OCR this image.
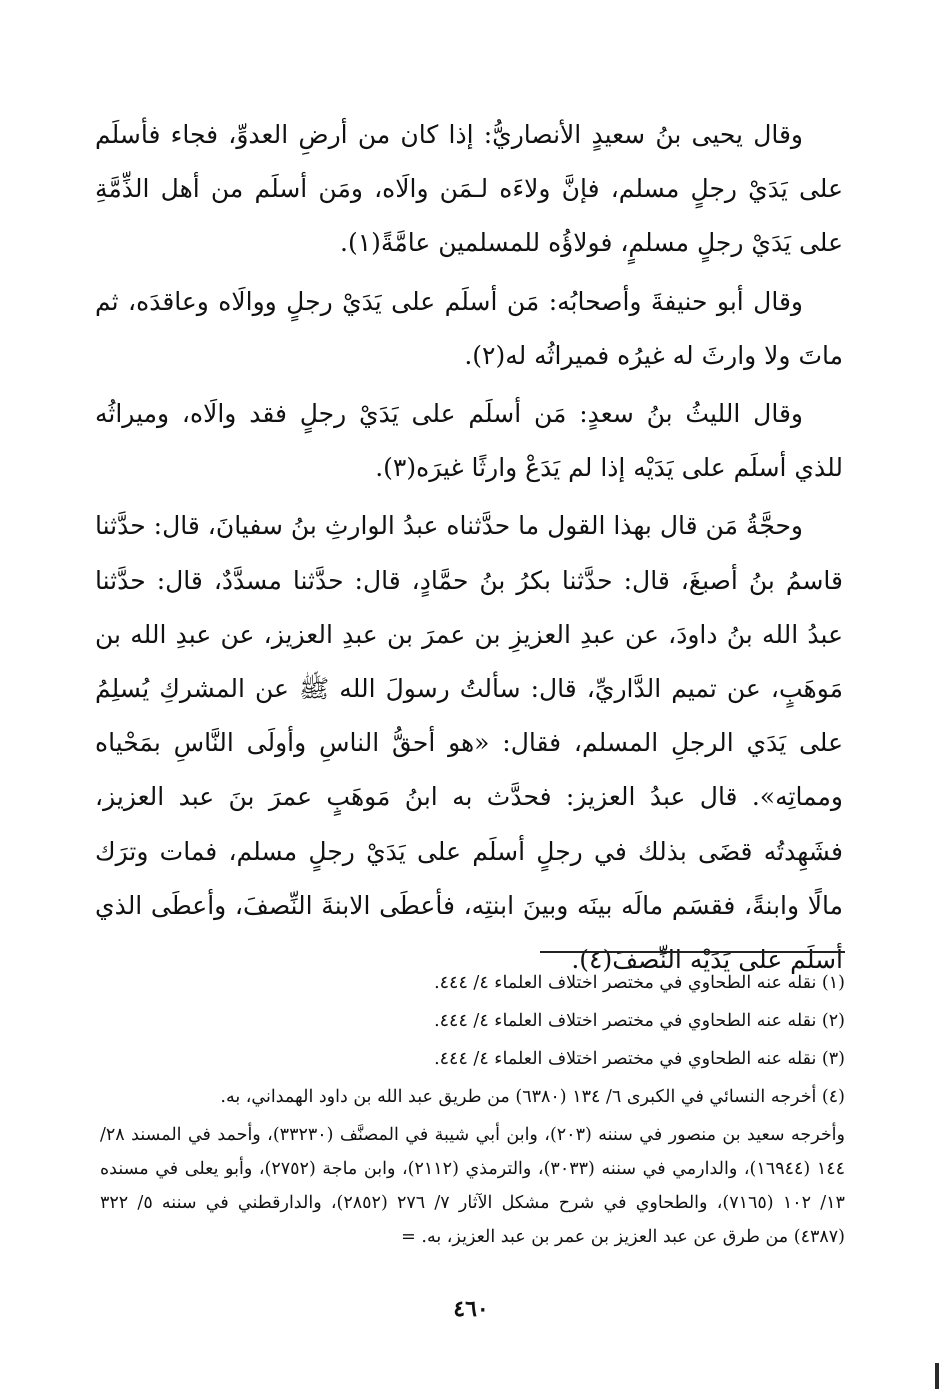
وقال يحيى بنُ سعيدٍ الأنصاريُّ: إذا كان من أرضِ العدوِّ، فجاء فأسلَم على يَدَيْ رجلٍ مسلم، فإنَّ ولاءَه لـمَن والَاه، ومَن أسلَم من أهل الذِّمَّةِ على يَدَيْ رجلٍ مسلمٍ، فولاؤُه للمسلمين عامَّةً(١).

وقال أبو حنيفةَ وأصحابُه: مَن أسلَم على يَدَيْ رجلٍ ووالَاه وعاقدَه، ثم ماتَ ولا وارثَ له غيرُه فميراثُه له(٢).

وقال الليثُ بنُ سعدٍ: مَن أسلَم على يَدَيْ رجلٍ فقد والَاه، وميراثُه للذي أسلَم على يَدَيْه إذا لم يَدَعْ وارثًا غيرَه(٣).

وحجَّةُ مَن قال بهذا القول ما حدَّثناه عبدُ الوارثِ بنُ سفيانَ، قال: حدَّثنا قاسمُ بنُ أصبغَ، قال: حدَّثنا بكرُ بنُ حمَّادٍ، قال: حدَّثنا مسدَّدٌ، قال: حدَّثنا عبدُ الله بنُ داودَ، عن عبدِ العزيزِ بن عمرَ بن عبدِ العزيز، عن عبدِ الله بن مَوهَبٍ، عن تميم الدَّاريِّ، قال: سألتُ رسولَ الله ﷺ عن المشركِ يُسلِمُ على يَدَي الرجلِ المسلم، فقال: «هو أحقُّ الناسِ وأولَى النَّاسِ بمَحْياه ومماتِه». قال عبدُ العزيز: فحدَّث به ابنُ مَوهَبٍ عمرَ بنَ عبد العزيز، فشَهِدتُه قضَى بذلك في رجلٍ أسلَم على يَدَيْ رجلٍ مسلم، فمات وترَك مالًا وابنةً، فقسَم مالَه بينَه وبينَ ابنتِه، فأعطَى الابنةَ النِّصفَ، وأعطَى الذي أسلَم على يَدَيْه النِّصفَ(٤).

(١) نقله عنه الطحاوي في مختصر اختلاف العلماء ٤/ ٤٤٤.

(٢) نقله عنه الطحاوي في مختصر اختلاف العلماء ٤/ ٤٤٤.

(٣) نقله عنه الطحاوي في مختصر اختلاف العلماء ٤/ ٤٤٤.

(٤) أخرجه النسائي في الكبرى ٦/ ١٣٤ (٦٣٨٠) من طريق عبد الله بن داود الهمداني، به.

وأخرجه سعيد بن منصور في سننه (٢٠٣)، وابن أبي شيبة في المصنَّف (٣٣٢٣٠)، وأحمد في المسند ٢٨/ ١٤٤ (١٦٩٤٤)، والدارمي في سننه (٣٠٣٣)، والترمذي (٢١١٢)، وابن ماجة (٢٧٥٢)، وأبو يعلى في مسنده ١٣/ ١٠٢ (٧١٦٥)، والطحاوي في شرح مشكل الآثار ٧/ ٢٧٦ (٢٨٥٢)، والدارقطني في سننه ٥/ ٣٢٢ (٤٣٨٧) من طرق عن عبد العزيز بن عمر بن عبد العزيز، به. =

٤٦٠
